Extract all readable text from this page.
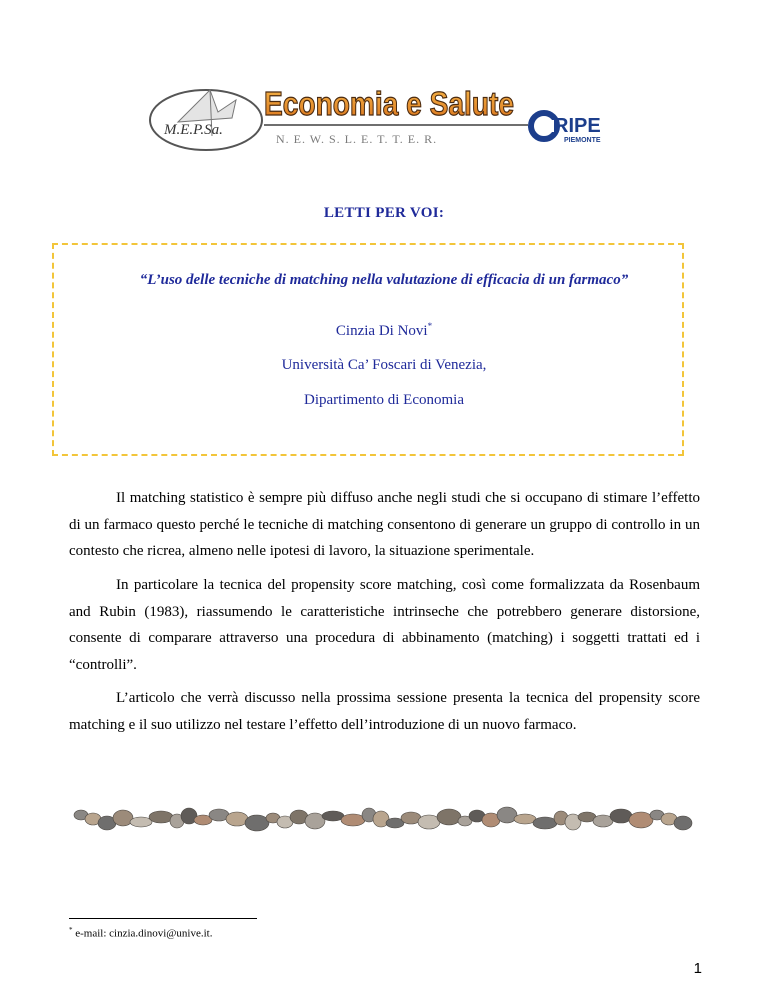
M.E.P.Sa.
Economia e Salute
N. E. W. S. L. E. T. T. E. R.
RIPE
PIEMONTE
LETTI PER VOI:
“L’uso delle tecniche di matching nella valutazione di efficacia di un farmaco”
Cinzia Di Novi*
Università Ca’ Foscari di Venezia,
Dipartimento di Economia

Il matching statistico è sempre più diffuso anche negli studi che si occupano di stimare l’effetto di un farmaco questo perché le tecniche di matching consentono di generare un gruppo di controllo in un contesto che ricrea, almeno nelle ipotesi di lavoro, la situazione sperimentale.

In particolare la tecnica del propensity score matching, così come formalizzata da Rosenbaum and Rubin (1983), riassumendo le caratteristiche intrinseche che potrebbero generare distorsione, consente di comparare attraverso una procedura di abbinamento (matching) i soggetti trattati ed i “controlli”.

L’articolo che verrà discusso nella prossima sessione presenta la tecnica del propensity score matching e il suo utilizzo nel testare l’effetto dell’introduzione di un nuovo farmaco.

* e-mail: cinzia.dinovi@unive.it.
1
